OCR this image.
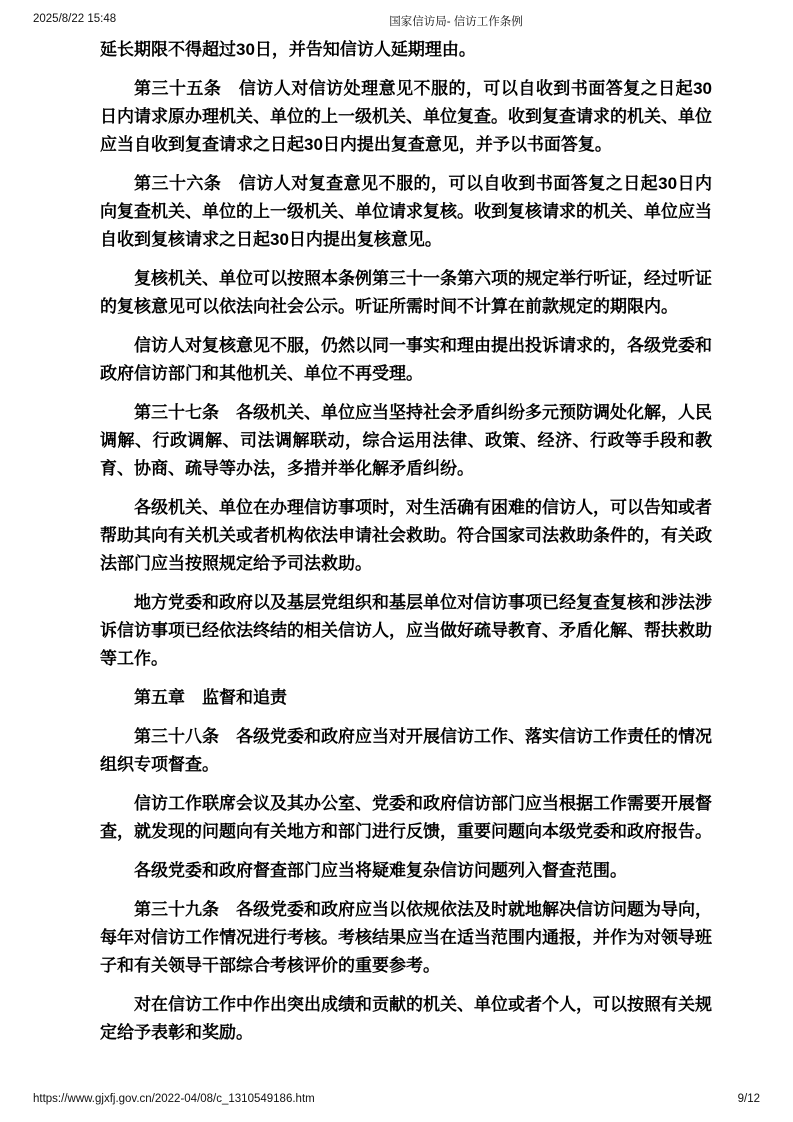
2025/8/22 15:48	国家信访局- 信访工作条例

延长期限不得超过30日，并告知信访人延期理由。

第三十五条　信访人对信访处理意见不服的，可以自收到书面答复之日起30日内请求原办理机关、单位的上一级机关、单位复查。收到复查请求的机关、单位应当自收到复查请求之日起30日内提出复查意见，并予以书面答复。

第三十六条　信访人对复查意见不服的，可以自收到书面答复之日起30日内向复查机关、单位的上一级机关、单位请求复核。收到复核请求的机关、单位应当自收到复核请求之日起30日内提出复核意见。

复核机关、单位可以按照本条例第三十一条第六项的规定举行听证，经过听证的复核意见可以依法向社会公示。听证所需时间不计算在前款规定的期限内。

信访人对复核意见不服，仍然以同一事实和理由提出投诉请求的，各级党委和政府信访部门和其他机关、单位不再受理。

第三十七条　各级机关、单位应当坚持社会矛盾纠纷多元预防调处化解，人民调解、行政调解、司法调解联动，综合运用法律、政策、经济、行政等手段和教育、协商、疏导等办法，多措并举化解矛盾纠纷。

各级机关、单位在办理信访事项时，对生活确有困难的信访人，可以告知或者帮助其向有关机关或者机构依法申请社会救助。符合国家司法救助条件的，有关政法部门应当按照规定给予司法救助。

地方党委和政府以及基层党组织和基层单位对信访事项已经复查复核和涉法涉诉信访事项已经依法终结的相关信访人，应当做好疏导教育、矛盾化解、帮扶救助等工作。

第五章　监督和追责

第三十八条　各级党委和政府应当对开展信访工作、落实信访工作责任的情况组织专项督查。

信访工作联席会议及其办公室、党委和政府信访部门应当根据工作需要开展督查，就发现的问题向有关地方和部门进行反馈，重要问题向本级党委和政府报告。

各级党委和政府督查部门应当将疑难复杂信访问题列入督查范围。

第三十九条　各级党委和政府应当以依规依法及时就地解决信访问题为导向，每年对信访工作情况进行考核。考核结果应当在适当范围内通报，并作为对领导班子和有关领导干部综合考核评价的重要参考。

对在信访工作中作出突出成绩和贡献的机关、单位或者个人，可以按照有关规定给予表彰和奖励。

https://www.gjxfj.gov.cn/2022-04/08/c_1310549186.htm	9/12
